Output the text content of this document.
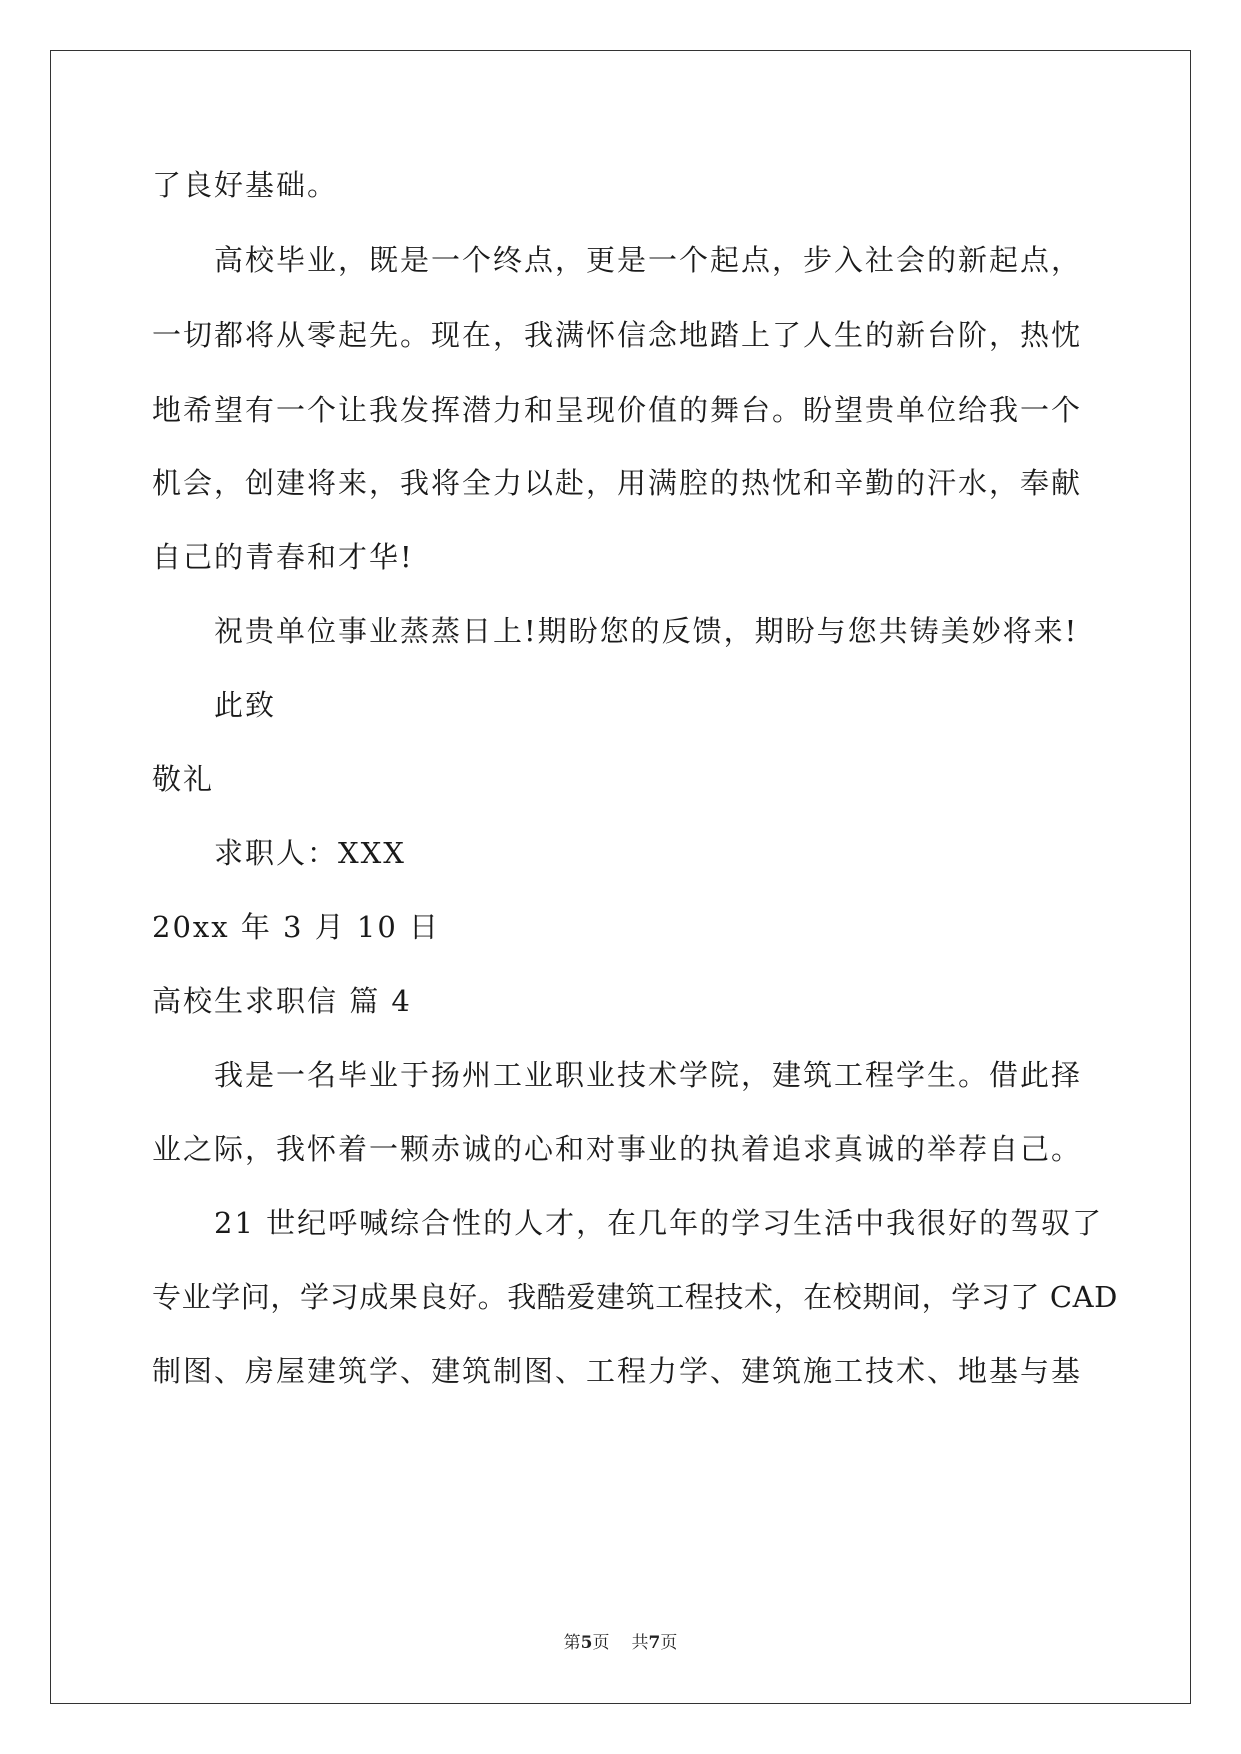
了良好基础。
高校毕业，既是一个终点，更是一个起点，步入社会的新起点，
一切都将从零起先。现在，我满怀信念地踏上了人生的新台阶，热忱
地希望有一个让我发挥潜力和呈现价值的舞台。盼望贵单位给我一个
机会，创建将来，我将全力以赴，用满腔的热忱和辛勤的汗水，奉献
自己的青春和才华!
祝贵单位事业蒸蒸日上!期盼您的反馈，期盼与您共铸美妙将来!
此致
敬礼
求职人：XXX
20xx 年 3 月 10 日
高校生求职信 篇 4
我是一名毕业于扬州工业职业技术学院，建筑工程学生。借此择
业之际，我怀着一颗赤诚的心和对事业的执着追求真诚的举荐自己。
21 世纪呼喊综合性的人才，在几年的学习生活中我很好的驾驭了
专业学问，学习成果良好。我酷爱建筑工程技术，在校期间，学习了 CAD
制图、房屋建筑学、建筑制图、工程力学、建筑施工技术、地基与基
第5页 共7页
